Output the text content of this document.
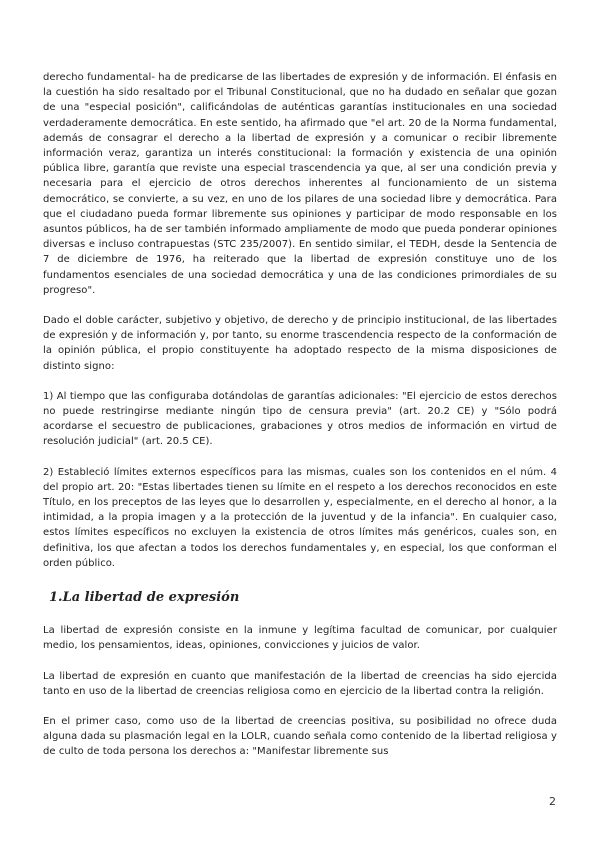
derecho fundamental- ha de predicarse de las libertades de expresión y de información. El énfasis en la cuestión ha sido resaltado por el Tribunal Constitucional, que no ha dudado en señalar que gozan de una "especial posición", calificándolas de auténticas garantías institucionales en una sociedad verdaderamente democrática. En este sentido, ha afirmado que "el art. 20 de la Norma fundamental, además de consagrar el derecho a la libertad de expresión y a comunicar o recibir libremente información veraz, garantiza un interés constitucional: la formación y existencia de una opinión pública libre, garantía que reviste una especial trascendencia ya que, al ser una condición previa y necesaria para el ejercicio de otros derechos inherentes al funcionamiento de un sistema democrático, se convierte, a su vez, en uno de los pilares de una sociedad libre y democrática. Para que el ciudadano pueda formar libremente sus opiniones y participar de modo responsable en los asuntos públicos, ha de ser también informado ampliamente de modo que pueda ponderar opiniones diversas e incluso contrapuestas (STC 235/2007). En sentido similar, el TEDH, desde la Sentencia de 7 de diciembre de 1976, ha reiterado que la libertad de expresión constituye uno de los fundamentos esenciales de una sociedad democrática y una de las condiciones primordiales de su progreso".

Dado el doble carácter, subjetivo y objetivo, de derecho y de principio institucional, de las libertades de expresión y de información y, por tanto, su enorme trascendencia respecto de la conformación de la opinión pública, el propio constituyente ha adoptado respecto de la misma disposiciones de distinto signo:

1) Al tiempo que las configuraba dotándolas de garantías adicionales: "El ejercicio de estos derechos no puede restringirse mediante ningún tipo de censura previa" (art. 20.2 CE) y "Sólo podrá acordarse el secuestro de publicaciones, grabaciones y otros medios de información en virtud de resolución judicial" (art. 20.5 CE).

2) Estableció límites externos específicos para las mismas, cuales son los contenidos en el núm. 4 del propio art. 20: "Estas libertades tienen su límite en el respeto a los derechos reconocidos en este Título, en los preceptos de las leyes que lo desarrollen y, especialmente, en el derecho al honor, a la intimidad, a la propia imagen y a la protección de la juventud y de la infancia". En cualquier caso, estos límites específicos no excluyen la existencia de otros límites más genéricos, cuales son, en definitiva, los que afectan a todos los derechos fundamentales y, en especial, los que conforman el orden público.

1.La libertad de expresión

La libertad de expresión consiste en la inmune y legítima facultad de comunicar, por cualquier medio, los pensamientos, ideas, opiniones, convicciones y juicios de valor.

La libertad de expresión en cuanto que manifestación de la libertad de creencias ha sido ejercida tanto en uso de la libertad de creencias religiosa como en ejercicio de la libertad contra la religión.

En el primer caso, como uso de la libertad de creencias positiva, su posibilidad no ofrece duda alguna dada su plasmación legal en la LOLR, cuando señala como contenido de la libertad religiosa y de culto de toda persona los derechos a: "Manifestar libremente sus

2
